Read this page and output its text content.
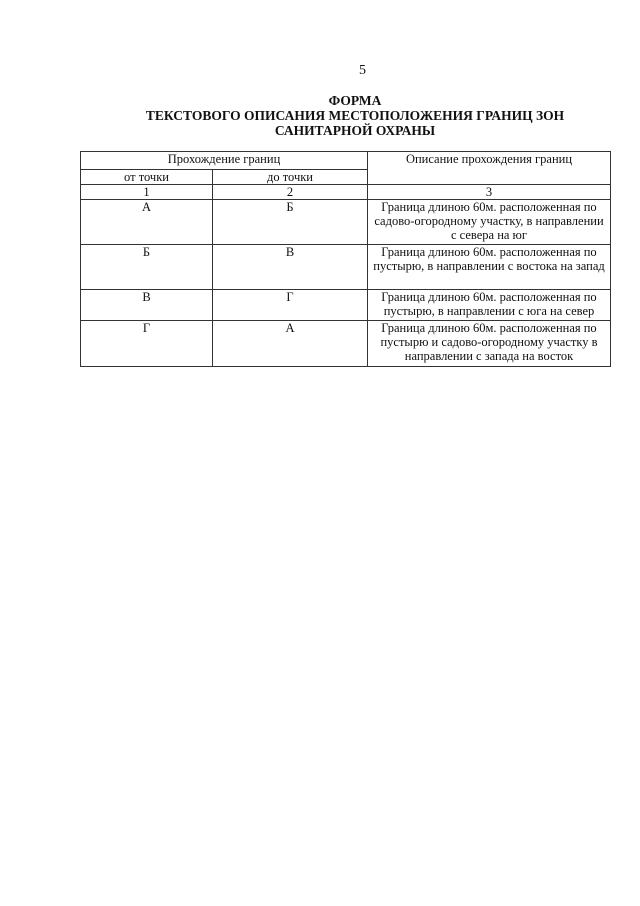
5
ФОРМА
ТЕКСТОВОГО ОПИСАНИЯ МЕСТОПОЛОЖЕНИЯ ГРАНИЦ ЗОН
САНИТАРНОЙ ОХРАНЫ
Прохождение границ		Описание прохождения границ
от точки	до точки	
1	2	3
А	Б	Граница длиною 60м. расположенная по садово-огородному участку, в направлении с севера на юг
Б	В	Граница длиною 60м. расположенная по пустырю, в направлении с востока на запад
В	Г	Граница длиною 60м. расположенная по пустырю, в направлении с юга на север
Г	А	Граница длиною 60м. расположенная по пустырю и садово-огородному участку в направлении с запада на восток
